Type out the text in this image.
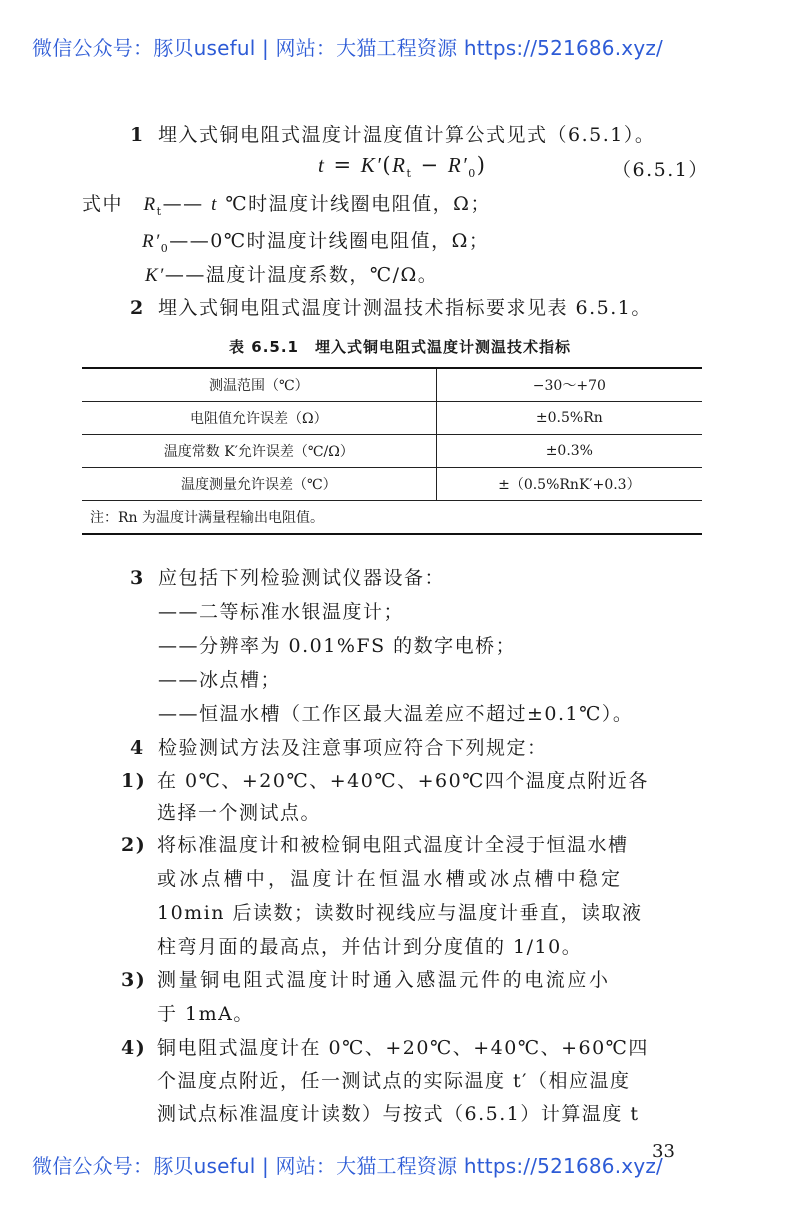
微信公众号：豚贝useful | 网站：大猫工程资源 https://521686.xyz/
1 埋入式铜电阻式温度计温度值计算公式见式（6.5.1）。
$t = K'(R_t - R'_0)$	（6.5.1）
式中　 $R_t——$ t ℃时温度计线圈电阻值，Ω；
$R'_0——0℃$时温度计线圈电阻值，Ω；
K′——温度计温度系数，℃/Ω。
2 埋入式铜电阻式温度计测温技术指标要求见表 6.5.1。
表 6.5.1　埋入式铜电阻式温度计测温技术指标
测温范围（℃）	−30～+70
电阻值允许误差（Ω）	±0.5%Rn
温度常数 K′允许误差（℃/Ω）	±0.3%
温度测量允许误差（℃）	±（0.5%RnK′+0.3）
注：Rn 为温度计满量程输出电阻值。	
3 应包括下列检验测试仪器设备：
——二等标准水银温度计；
——分辨率为 0.01%FS 的数字电桥；
——冰点槽；
——恒温水槽（工作区最大温差应不超过±0.1℃）。
4 检验测试方法及注意事项应符合下列规定：
1) 在 0℃、+20℃、+40℃、+60℃四个温度点附近各
选择一个测试点。
2) 将标准温度计和被检铜电阻式温度计全浸于恒温水槽
或冰点槽中，温度计在恒温水槽或冰点槽中稳定
10min 后读数；读数时视线应与温度计垂直，读取液
柱弯月面的最高点，并估计到分度值的 1/10。
3) 测量铜电阻式温度计时通入感温元件的电流应小
于 1mA。
4) 铜电阻式温度计在 0℃、+20℃、+40℃、+60℃四
个温度点附近，任一测试点的实际温度 t′（相应温度
测试点标准温度计读数）与按式（6.5.1）计算温度 t
33
微信公众号：豚贝useful | 网站：大猫工程资源 https://521686.xyz/
